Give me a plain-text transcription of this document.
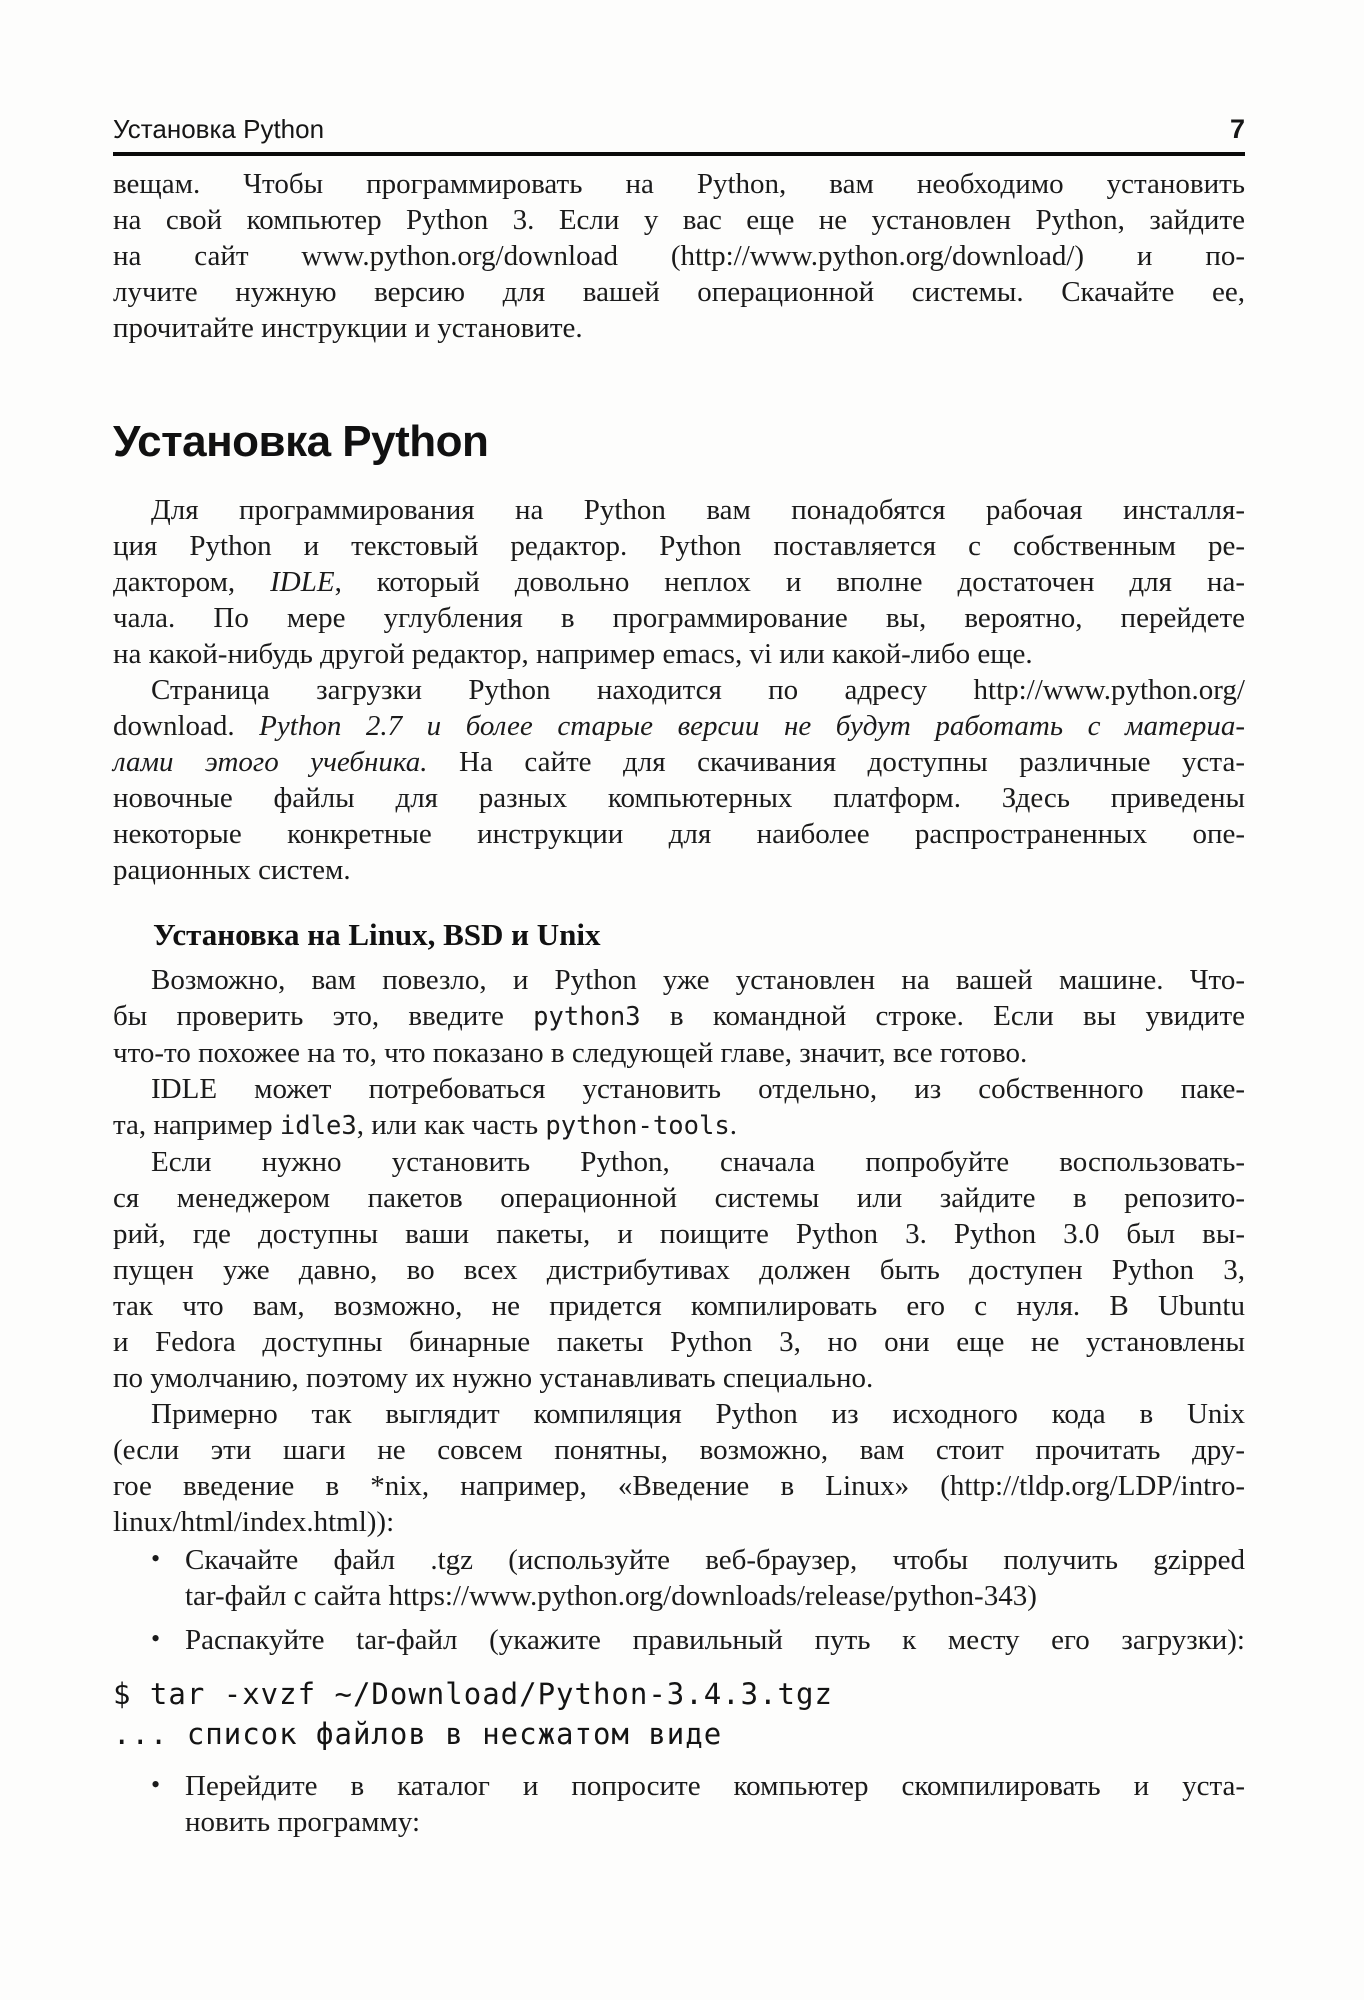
Установка Python	7
вещам. Чтобы программировать на Python, вам необходимо установить
на свой компьютер Python 3. Если у вас еще не установлен Python, зайдите
на сайт www.python.org/download (http://www.python.org/download/) и по-
лучите нужную версию для вашей операционной системы. Скачайте ее,
прочитайте инструкции и установите.
Установка Python
Для программирования на Python вам понадобятся рабочая инсталля-
ция Python и текстовый редактор. Python поставляется с собственным ре-
дактором, IDLE, который довольно неплох и вполне достаточен для на-
чала. По мере углубления в программирование вы, вероятно, перейдете
на какой-нибудь другой редактор, например emacs, vi или какой-либо еще.
Страница загрузки Python находится по адресу http://www.python.org/
download. Python 2.7 и более старые версии не будут работать с материа-
лами этого учебника. На сайте для скачивания доступны различные уста-
новочные файлы для разных компьютерных платформ. Здесь приведены
некоторые конкретные инструкции для наиболее распространенных опе-
рационных систем.
Установка на Linux, BSD и Unix
Возможно, вам повезло, и Python уже установлен на вашей машине. Что-
бы проверить это, введите python3 в командной строке. Если вы увидите
что-то похожее на то, что показано в следующей главе, значит, все готово.
IDLE может потребоваться установить отдельно, из собственного паке-
та, например idle3, или как часть python-tools.
Если нужно установить Python, сначала попробуйте воспользовать-
ся менеджером пакетов операционной системы или зайдите в репозито-
рий, где доступны ваши пакеты, и поищите Python 3. Python 3.0 был вы-
пущен уже давно, во всех дистрибутивах должен быть доступен Python 3,
так что вам, возможно, не придется компилировать его с нуля. В Ubuntu
и Fedora доступны бинарные пакеты Python 3, но они еще не установлены
по умолчанию, поэтому их нужно устанавливать специально.
Примерно так выглядит компиляция Python из исходного кода в Unix
(если эти шаги не совсем понятны, возможно, вам стоит прочитать дру-
гое введение в *nix, например, «Введение в Linux» (http://tldp.org/LDP/intro-
linux/html/index.html)):
• Скачайте файл .tgz (используйте веб-браузер, чтобы получить gzipped
tar-файл с сайта https://www.python.org/downloads/release/python-343)
• Распакуйте tar-файл (укажите правильный путь к месту его загрузки):
$ tar -xvzf ~/Download/Python-3.4.3.tgz
... список файлов в несжатом виде
• Перейдите в каталог и попросите компьютер скомпилировать и уста-
новить программу:
